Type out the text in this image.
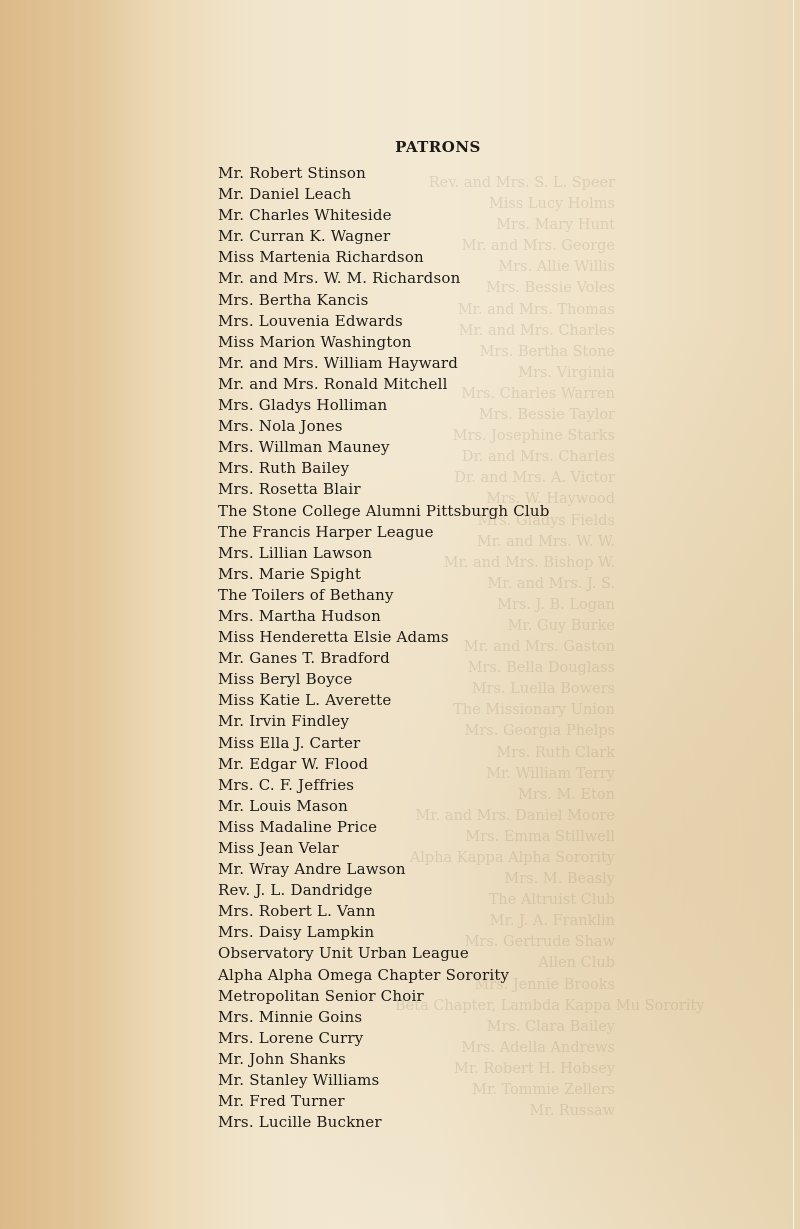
Rev. and Mrs. S. L. Speer
Miss Lucy Holms
Mrs. Mary Hunt
Mr. and Mrs. George
Mrs. Allie Willis
Mrs. Bessie Voles
Mr. and Mrs. Thomas
Mr. and Mrs. Charles
Mrs. Bertha Stone
Mrs. Virginia
Mrs. Charles Warren
Mrs. Bessie Taylor
Mrs. Josephine Starks
Dr. and Mrs. Charles
Dr. and Mrs. A. Victor
Mrs. W. Haywood
Mrs. Gladys Fields
Mr. and Mrs. W. W.
Mr. and Mrs. Bishop W.
Mr. and Mrs. J. S.
Mrs. J. B. Logan
Mr. Guy Burke
Mr. and Mrs. Gaston
Mrs. Bella Douglass
Mrs. Luella Bowers
The Missionary Union
Mrs. Georgia Phelps
Mrs. Ruth Clark
Mr. William Terry
Mrs. M. Eton
Mr. and Mrs. Daniel Moore
Mrs. Emma Stillwell
Alpha Kappa Alpha Sorority
Mrs. M. Beasly
The Altruist Club
Mr. J. A. Franklin
Mrs. Gertrude Shaw
Allen Club
Mrs. Jennie Brooks
Beta Chapter, Lambda Kappa Mu Sorority
Mrs. Clara Bailey
Mrs. Adella Andrews
Mr. Robert H. Hobsey
Mr. Tommie Zellers
Mr. Russaw
PATRONS
Mr. Robert Stinson
Mr. Daniel Leach
Mr. Charles Whiteside
Mr. Curran K. Wagner
Miss Martenia Richardson
Mr. and Mrs. W. M. Richardson
Mrs. Bertha Kancis
Mrs. Louvenia Edwards
Miss Marion Washington
Mr. and Mrs. William Hayward
Mr. and Mrs. Ronald Mitchell
Mrs. Gladys Holliman
Mrs. Nola Jones
Mrs. Willman Mauney
Mrs. Ruth Bailey
Mrs. Rosetta Blair
The Stone College Alumni Pittsburgh Club
The Francis Harper League
Mrs. Lillian Lawson
Mrs. Marie Spight
The Toilers of Bethany
Mrs. Martha Hudson
Miss Henderetta Elsie Adams
Mr. Ganes T. Bradford
Miss Beryl Boyce
Miss Katie L. Averette
Mr. Irvin Findley
Miss Ella J. Carter
Mr. Edgar W. Flood
Mrs. C. F. Jeffries
Mr. Louis Mason
Miss Madaline Price
Miss Jean Velar
Mr. Wray Andre Lawson
Rev. J. L. Dandridge
Mrs. Robert L. Vann
Mrs. Daisy Lampkin
Observatory Unit Urban League
Alpha Alpha Omega Chapter Sorority
Metropolitan Senior Choir
Mrs. Minnie Goins
Mrs. Lorene Curry
Mr. John Shanks
Mr. Stanley Williams
Mr. Fred Turner
Mrs. Lucille Buckner
